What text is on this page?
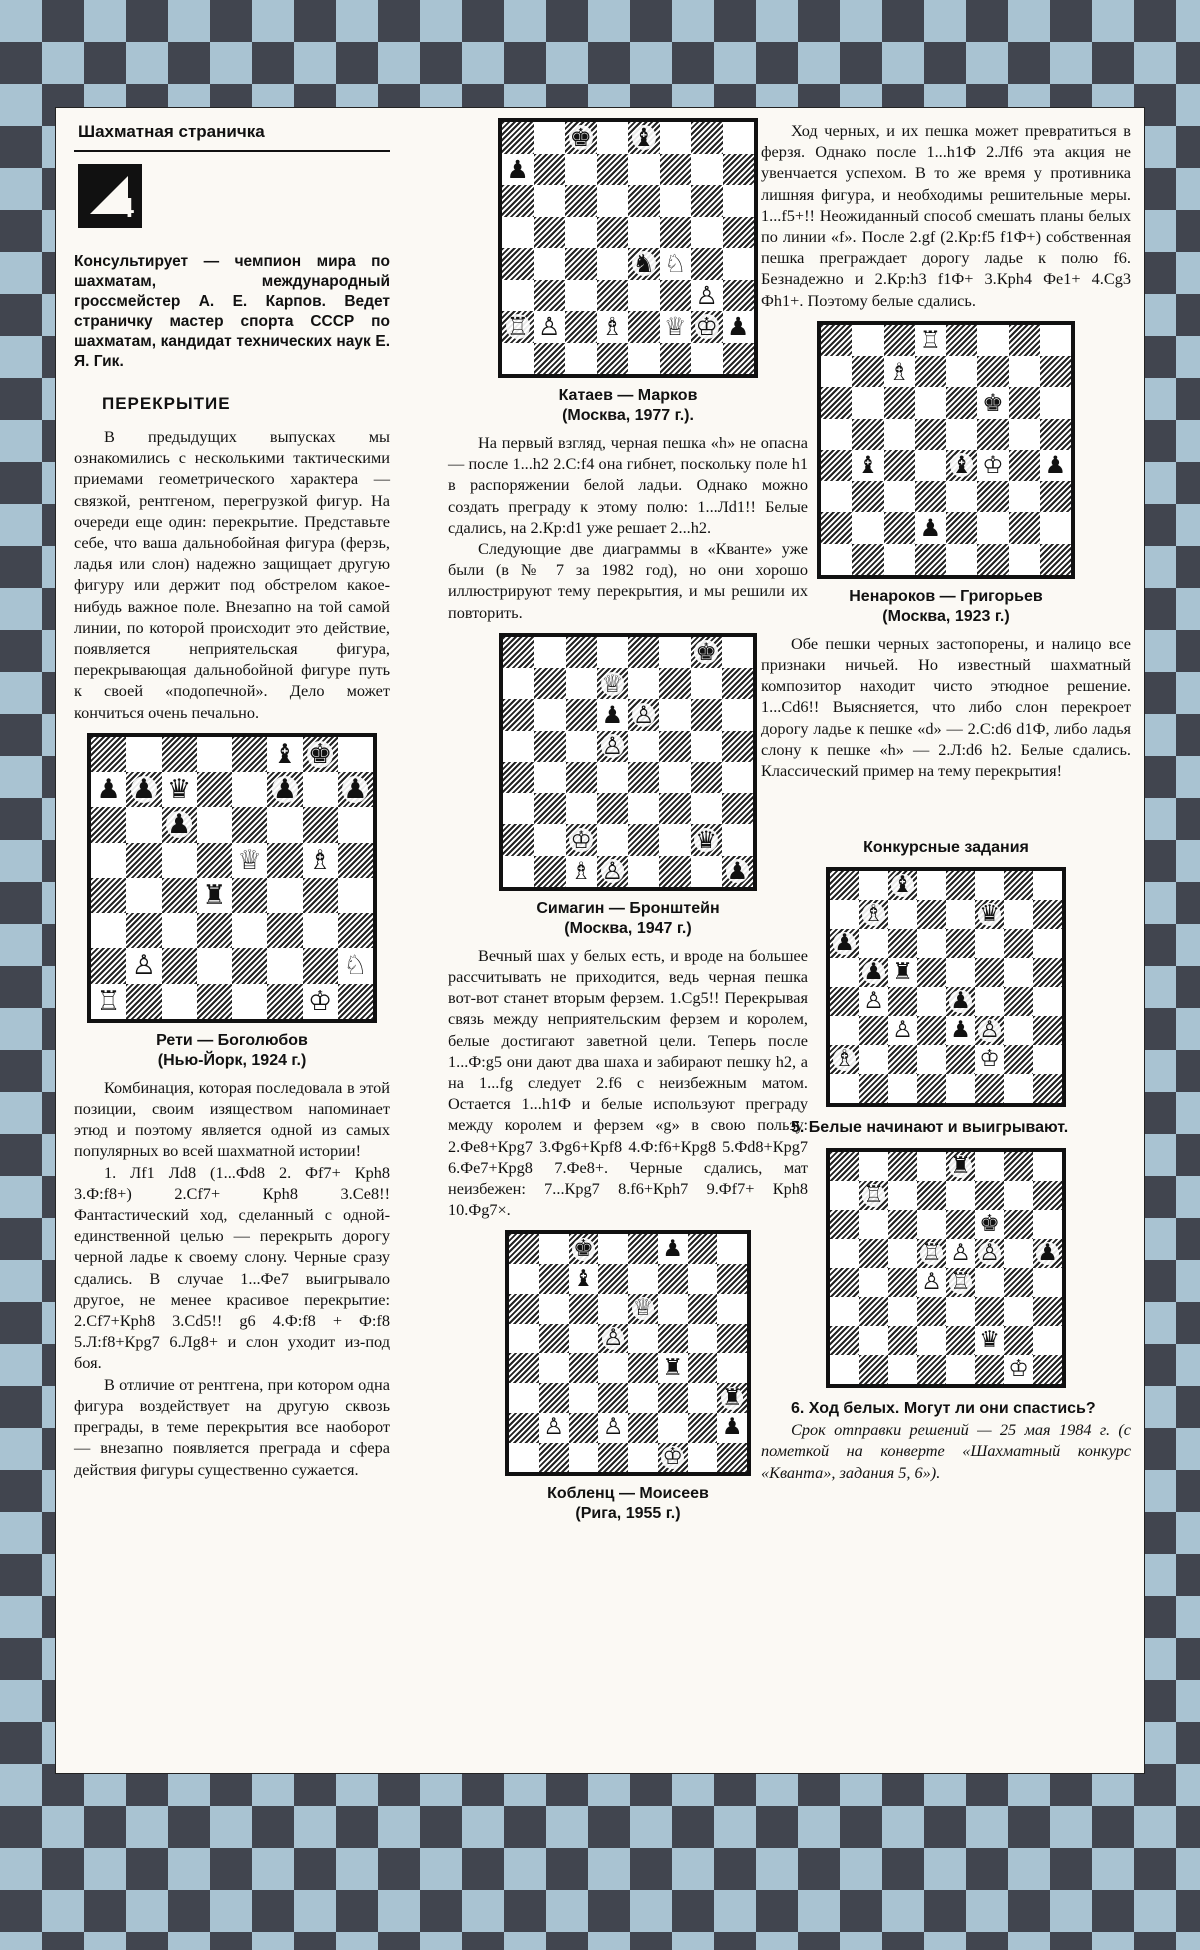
Шахматная страничка
4
Консультирует — чемпион мира по шахматам, международный гроссмейстер А. Е. Карпов. Ведет страничку мастер спорта СССР по шахматам, кандидат технических наук Е. Я. Гик.
ПЕРЕКРЫТИЕ

В предыдущих выпусках мы ознакомились с несколькими тактическими приемами геометрического характера — связкой, рентгеном, перегрузкой фигур. На очереди еще один: перекрытие. Представьте себе, что ваша дальнобойная фигура (ферзь, ладья или слон) надежно защищает другую фигуру или держит под обстрелом какое-нибудь важное поле. Внезапно на той самой линии, по которой происходит это действие, появляется неприятельская фигура, перекрывающая дальнобойной фигуре путь к своей «подопечной». Дело может кончиться очень печально.

♝ ♚
♟ ♟ ♛	♟ ♟
♟
♕ ♗
♜
♙	♘
♖	♔
Рети — Боголюбов
(Нью-Йорк, 1924 г.)

Комбинация, которая последовала в этой позиции, своим изяществом напоминает этюд и поэтому является одной из самых популярных во всей шахматной истории!

1. Лf1 Лd8 (1...Фd8 2. Фf7+ Крh8 3.Ф:f8+) 2.Сf7+ Крh8 3.Се8!! Фантастический ход, сделанный с одной-единственной целью — перекрыть дорогу черной ладье к своему слону. Черные сразу сдались. В случае 1...Фе7 выигрывало другое, не менее красивое перекрытие: 2.Сf7+Крh8 3.Сd5!! g6 4.Ф:f8 + Ф:f8 5.Л:f8+Крg7 6.Лg8+ и слон уходит из-под боя.

В отличие от рентгена, при котором одна фигура воздействует на другую сквозь преграды, в теме перекрытия все наоборот — внезапно появляется преграда и сфера действия фигуры существенно сужается.

♚ ♝
♟
♞ ♘
♙
♖ ♙ ♗ ♕ ♔ ♟
Катаев — Марков
(Москва, 1977 г.).

На первый взгляд, черная пешка «h» не опасна — после 1...h2 2.С:f4 она гибнет, поскольку поле h1 в распоряжении белой ладьи. Однако можно создать преграду к этому полю: 1...Лd1!! Белые сдались, на 2.Кр:d1 уже решает 2...h2.

Следующие две диаграммы в «Кванте» уже были (в № 7 за 1982 год), но они хорошо иллюстрируют тему перекрытия, и мы решили их повторить.

♚
♕
♟ ♙
♙
♔	♛
♗ ♙	♟
Симагин — Бронштейн
(Москва, 1947 г.)

Вечный шах у белых есть, и вроде на большее рассчитывать не приходится, ведь черная пешка вот-вот станет вторым ферзем. 1.Сg5!! Перекрывая связь между неприятельским ферзем и королем, белые достигают заветной цели. Теперь после 1...Ф:g5 они дают два шаха и забирают пешку h2, а на 1...fg следует 2.f6 с неизбежным матом. Остается 1...h1Ф и белые используют преграду между королем и ферзем «g» в свою пользу: 2.Фе8+Крg7 3.Фg6+Крf8 4.Ф:f6+Крg8 5.Фd8+Крg7 6.Фе7+Крg8 7.Фе8+. Черные сдались, мат неизбежен: 7...Крg7 8.f6+Крh7 9.Фf7+ Крh8 10.Фg7×.

♚	♟
♝
♕
♙
♜
♜
♙ ♙	♟
♔
Кобленц — Моисеев
(Рига, 1955 г.)

Ход черных, и их пешка может превратиться в ферзя. Однако после 1...h1Ф 2.Лf6 эта акция не увенчается успехом. В то же время у противника лишняя фигура, и необходимы решительные меры. 1...f5+!! Неожиданный способ смешать планы белых по линии «f». После 2.gf (2.Кр:f5 f1Ф+) собственная пешка преграждает дорогу ладье к полю f6. Безнадежно и 2.Кр:h3 f1Ф+ 3.Крh4 Фе1+ 4.Сg3 Фh1+. Поэтому белые сдались.

♖
♗
♚
♝	♝ ♔ ♟
♟
Ненароков — Григорьев
(Москва, 1923 г.)

Обе пешки черных застопорены, и налицо все признаки ничьей. Но известный шахматный композитор находит чисто этюдное решение. 1...Сd6!! Выясняется, что либо слон перекроет дорогу ладье к пешке «d» — 2.С:d6 d1Ф, либо ладья слону к пешке «h» — 2.Л:d6 h2. Белые сдались. Классический пример на тему перекрытия!

Конкурсные задания
♝
♗	♛
♟
♟ ♜
♙	♟
♙ ♟ ♙
♗	♔
5. Белые начинают и выигрывают.
♜
♖
♚
♖ ♙ ♙ ♟
♙ ♖
♛
♔
6. Ход белых. Могут ли они спастись?

Срок отправки решений — 25 мая 1984 г. (с пометкой на конверте «Шахматный конкурс «Кванта», задания 5, 6»).
